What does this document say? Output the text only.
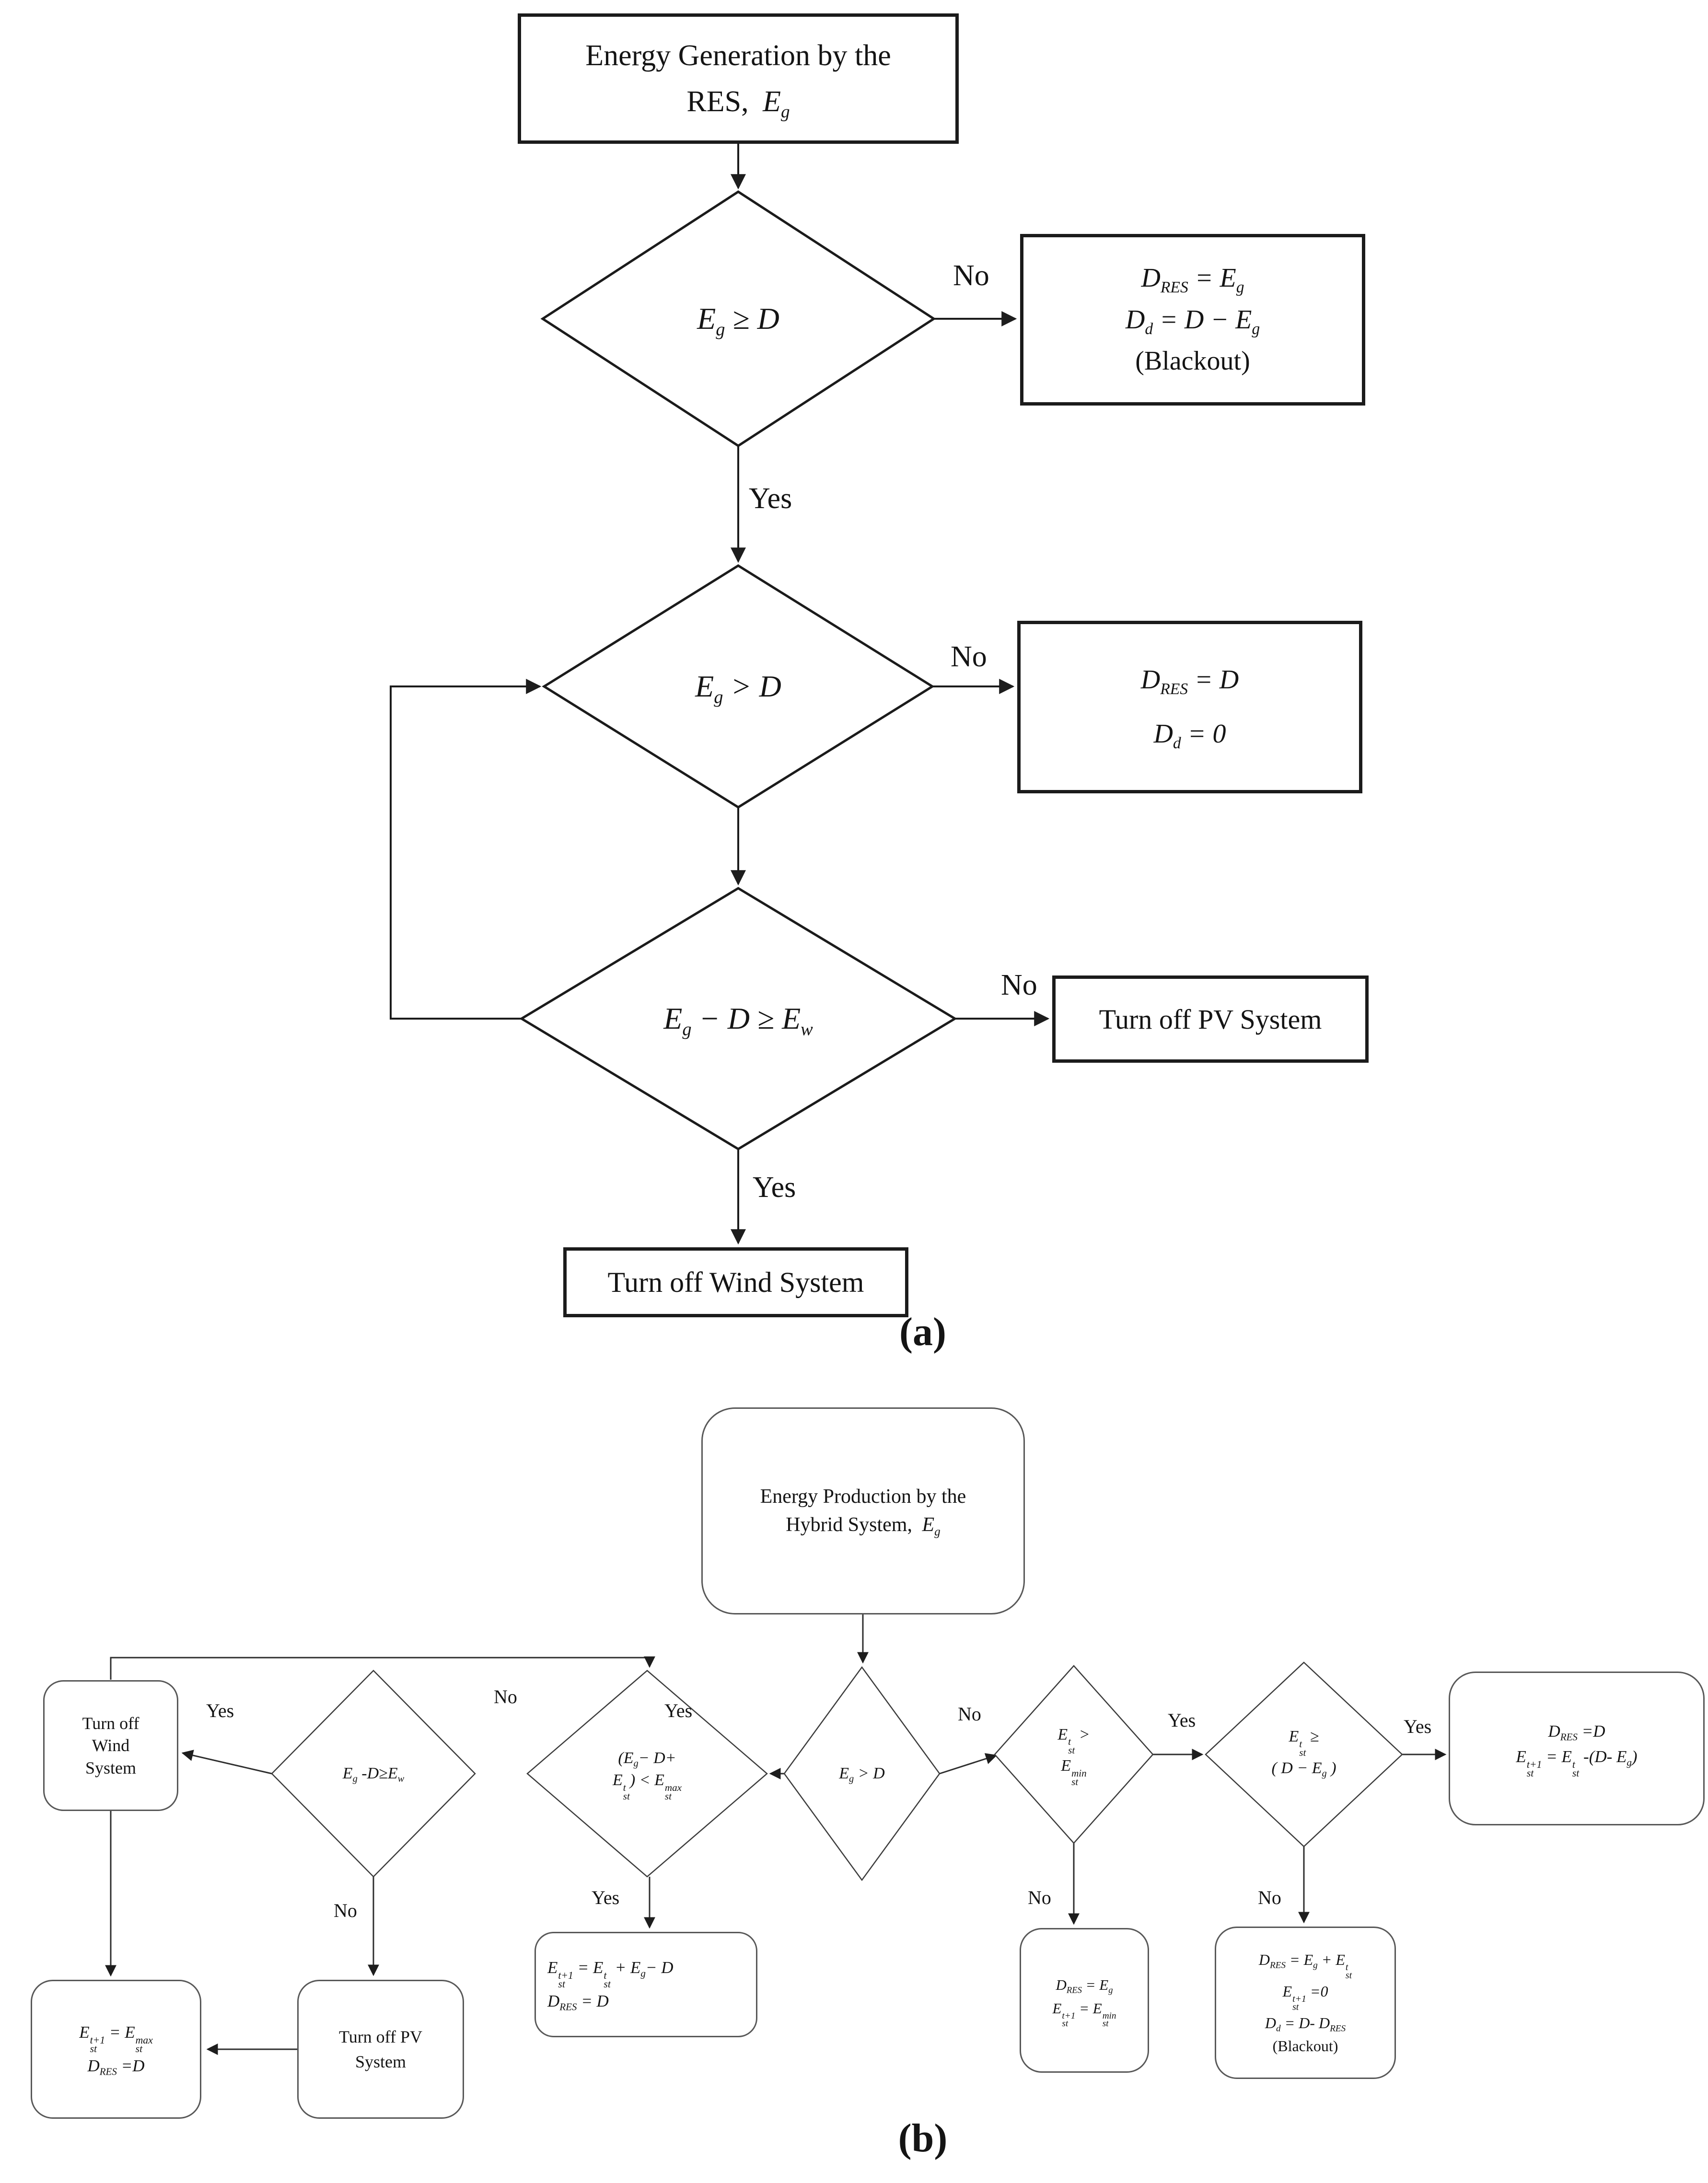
Energy Generation by the
RES, $E_g$
$E_g \ge D$
No	$D_{RES} = E_g$
$D_d = D - E_g$
(Blackout)
Yes
$E_g > D$
No
$D_{RES} = D$
$D_d = 0$
$E_g - D \ge E_w$
No
Turn off PV System
Yes
Turn off Wind System
(a)
Energy Production by the
Hybrid System, $E_g$
Turn off
Wind
System	$E_g$ $-D\ge E_w$
($E_g- D+$
E t
st
) < E max
st
$E_g > D$
E t
st
>
E min
st
E t
st
≥
( $D - E_g$ )
$D_{RES} =D$
E t+1
st
= E t
st
-(D- $E_g$)
Yes
No
Yes	No	Yes	Yes
No
Yes	No	No
E t+1
st
= E max
st
$D_{RES} =D$
Turn off PV
System
E t+1
st
= E t
st
+ $E_g- D$
$D_{RES} = D$
$D_{RES} = E_g$
E t+1
st
= E min
st
$D_{RES} = E_g + E$ t
st
E t+1
st
=0
$D_d = D-$ $D_{RES}$
(Blackout)
(b)
